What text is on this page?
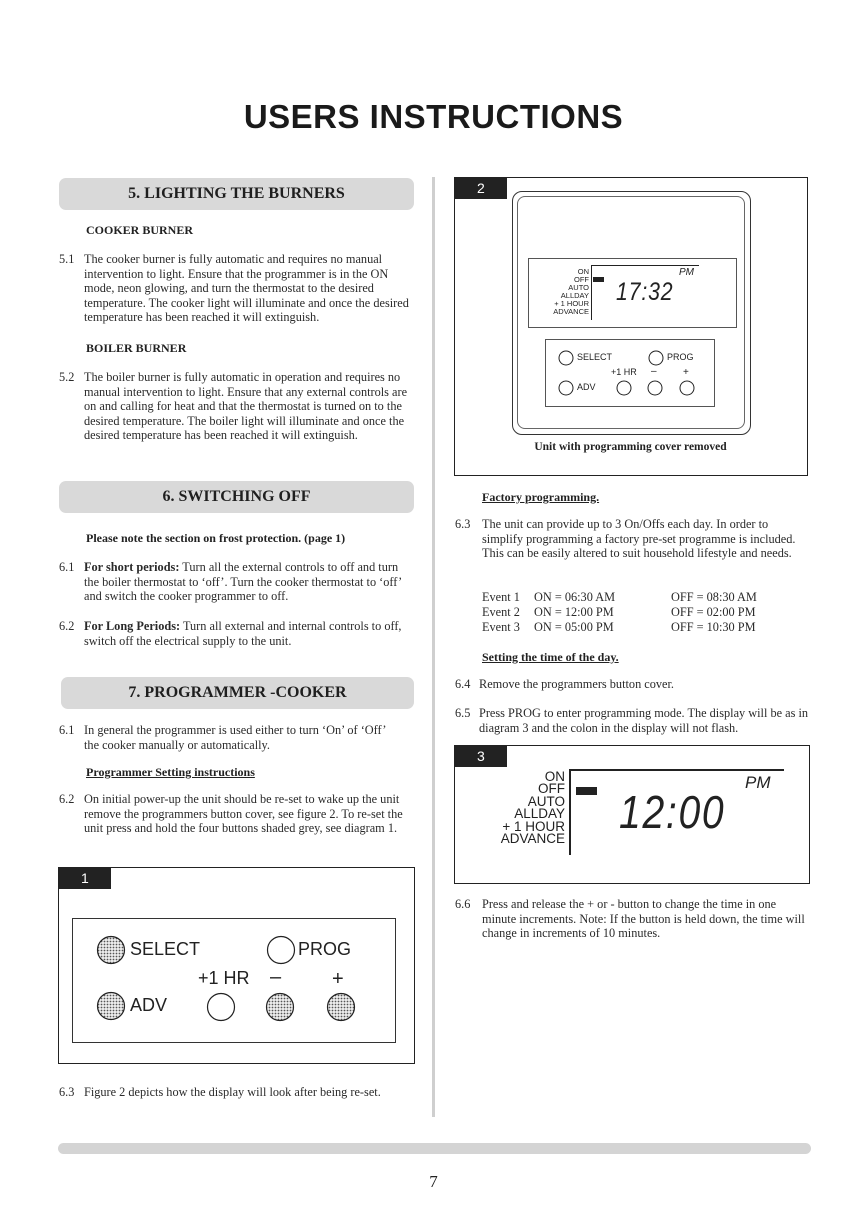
USERS INSTRUCTIONS
5. LIGHTING THE BURNERS
COOKER BURNER
5.1 The cooker burner is fully automatic and requires no manual intervention to light. Ensure that the programmer is in the ON mode, neon glowing, and turn the thermostat to the desired temperature. The cooker light will illuminate and once the desired temperature has been reached it will extinguish.
BOILER BURNER
5.2 The boiler burner is fully automatic in operation and requires no manual intervention to light. Ensure that any external controls are on and calling for heat and that the thermostat is turned on to the desired temperature. The boiler light will illuminate and once the desired temperature has been reached it will extinguish.
6. SWITCHING OFF
Please note the section on frost protection. (page 1)
6.1 For short periods: Turn all the external controls to off and turn the boiler thermostat to ‘off’. Turn the cooker thermostat to ‘off’ and switch the cooker programmer to off.
6.2 For Long Periods: Turn all external and internal controls to off, switch off the electrical supply to the unit.
7. PROGRAMMER -COOKER
6.1 In general the programmer is used either to turn ‘On’ of ‘Off’ the cooker manually or automatically.
Programmer Setting instructions
6.2 On initial power-up the unit should be re-set to wake up the unit remove the programmers button cover, see figure 2. To re-set the unit press and hold the four buttons shaded grey, see diagram 1.
1
SELECT	PROG
+1 HR –	+
ADV
6.3 Figure 2 depicts how the display will look after being re-set.
2
ON
OFF
AUTO
ALLDAY
+ 1 HOUR
ADVANCE
17:32
PM
SELECT	PROG
+1 HR –	+
ADV
Unit with programming cover removed
Factory programming.
6.3 The unit can provide up to 3 On/Offs each day. In order to simplify programming a factory pre-set programme is included. This can be easily altered to suit household lifestyle and needs.
Event 1	ON = 06:30 AM	OFF = 08:30 AM
Event 2	ON = 12:00 PM	OFF = 02:00 PM
Event 3	ON = 05:00 PM	OFF = 10:30 PM
Setting the time of the day.
6.4 Remove the programmers button cover.
6.5 Press PROG to enter programming mode. The display will be as in diagram 3 and the colon in the display will not flash.
3
ON
OFF
AUTO
ALLDAY
+ 1 HOUR
ADVANCE
12:00
PM
6.6 Press and release the + or - button to change the time in one minute increments. Note: If the button is held down, the time will change in increments of 10 minutes.
7
